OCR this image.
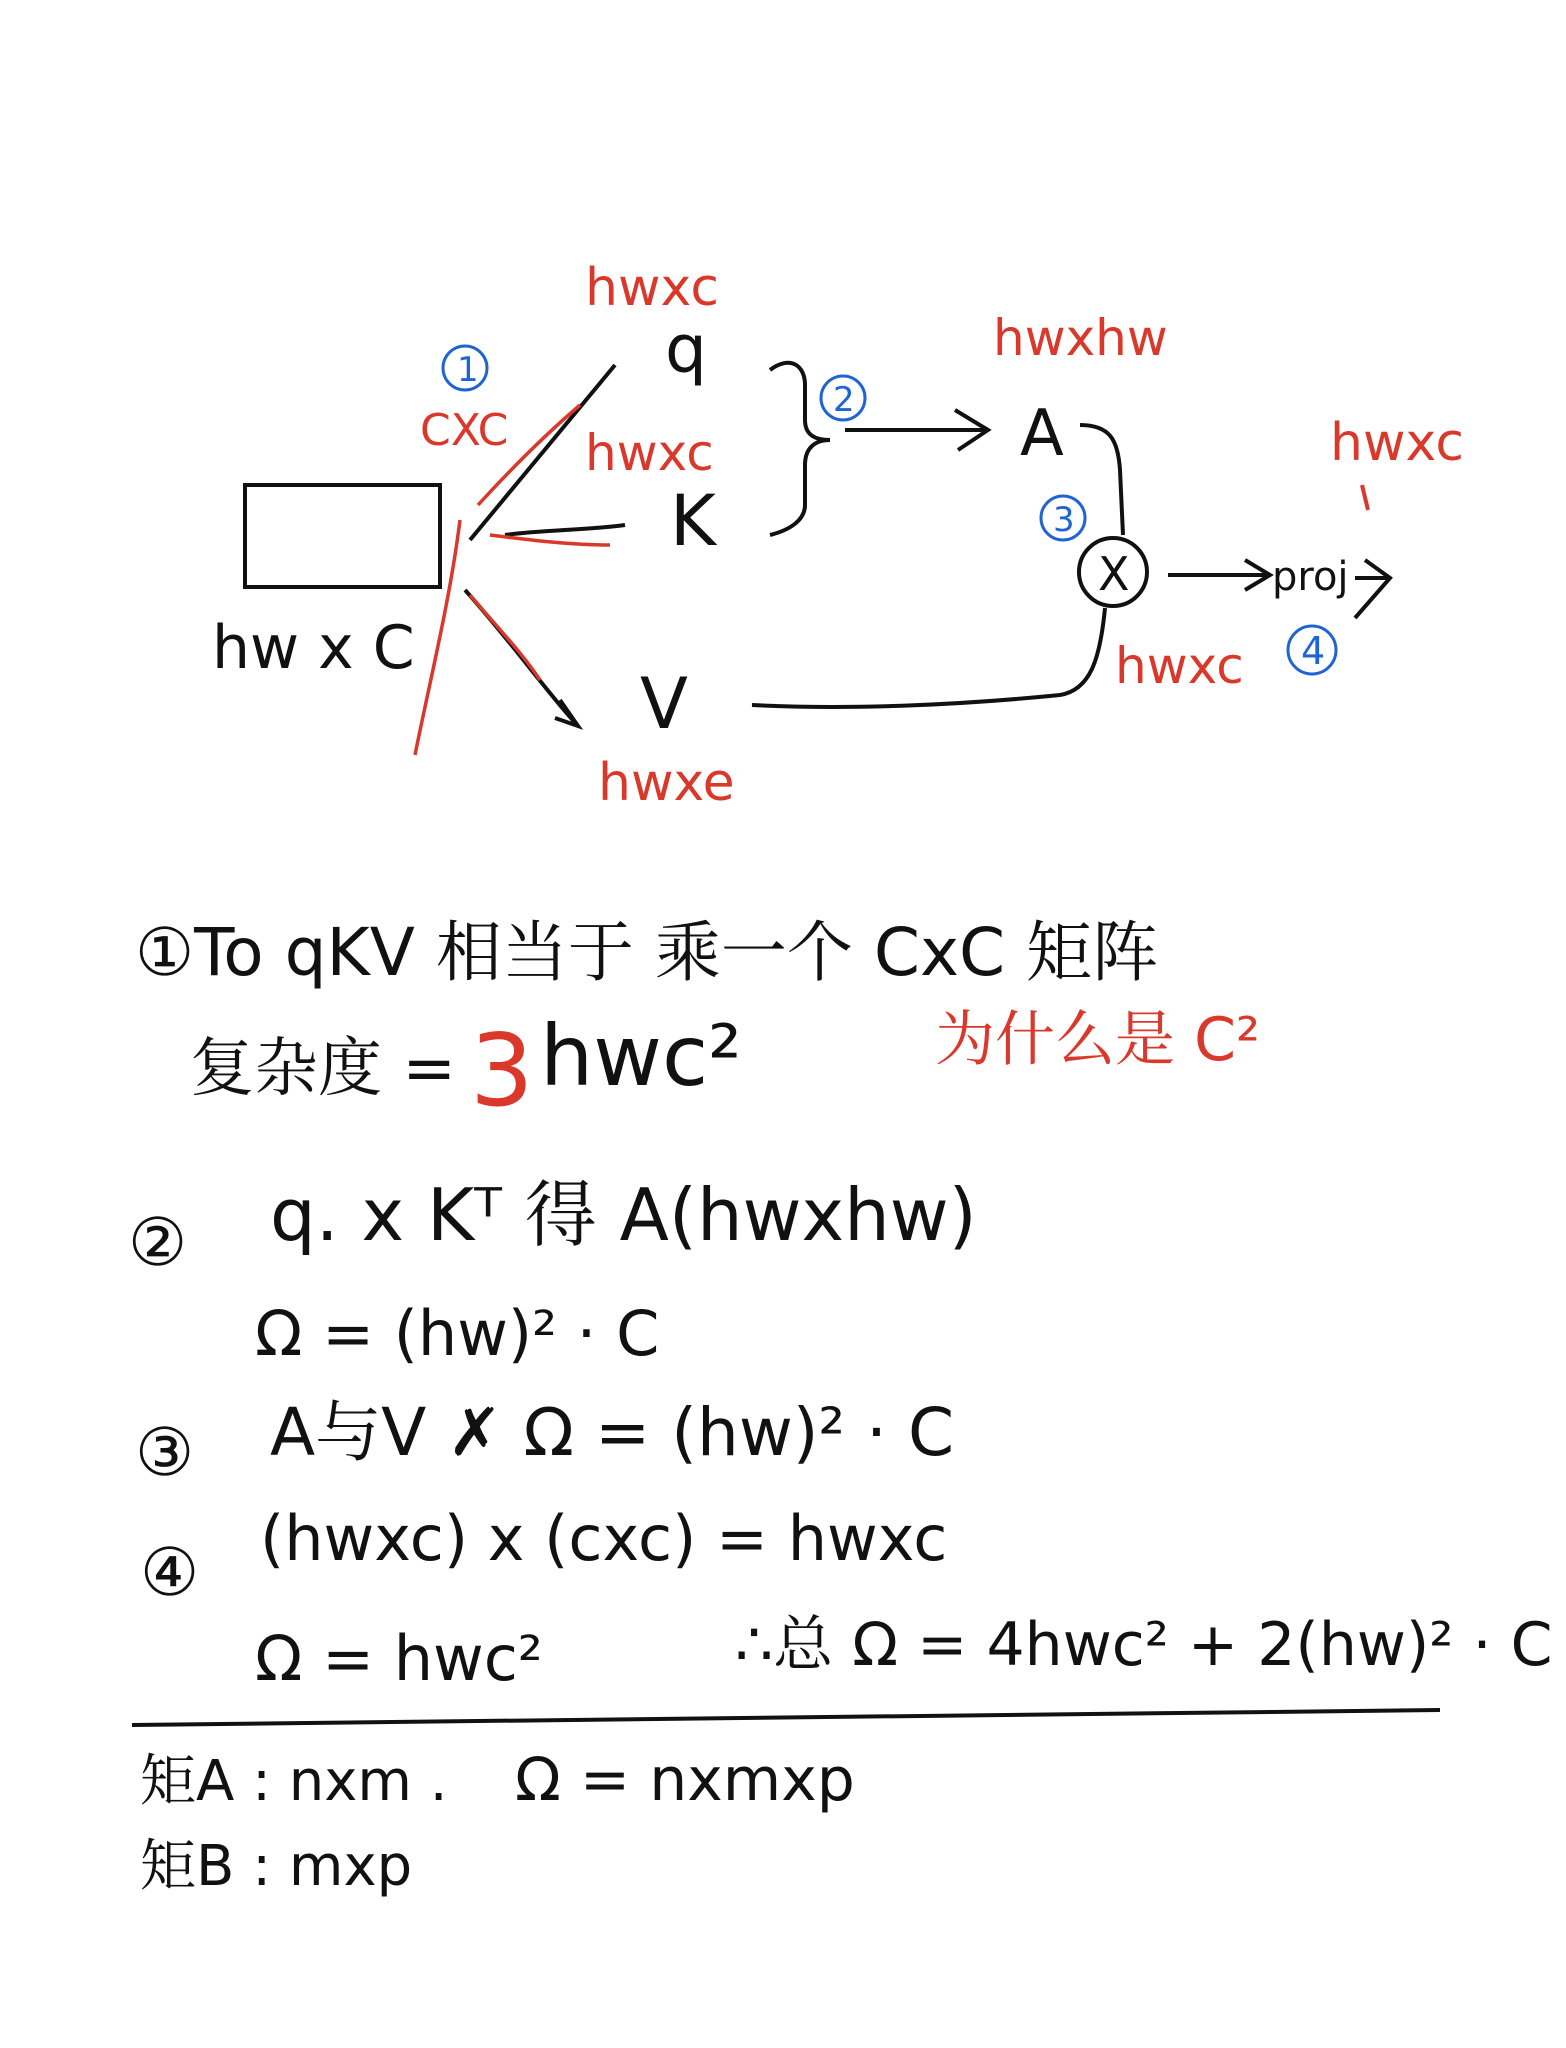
hw x C
1
CXC
hwxc
q
hwxc
K
V
hwxe
2
hwxhw
A
3
X
hwxc
proj
4
hwxc
①To qKV 相当于 乘一个 CxC 矩阵
复杂度 = 3 hwc²	为什么是 C²
② q. x Kᵀ 得 A(hwxhw)
Ω = (hw)² · C
③ A与V ✗ Ω = (hw)² · C
④ (hwxc) x (cxc) = hwxc
Ω = hwc²	∴总 Ω = 4hwc² + 2(hw)² · C
矩A : nxm . Ω = nxmxp
矩B : mxp
